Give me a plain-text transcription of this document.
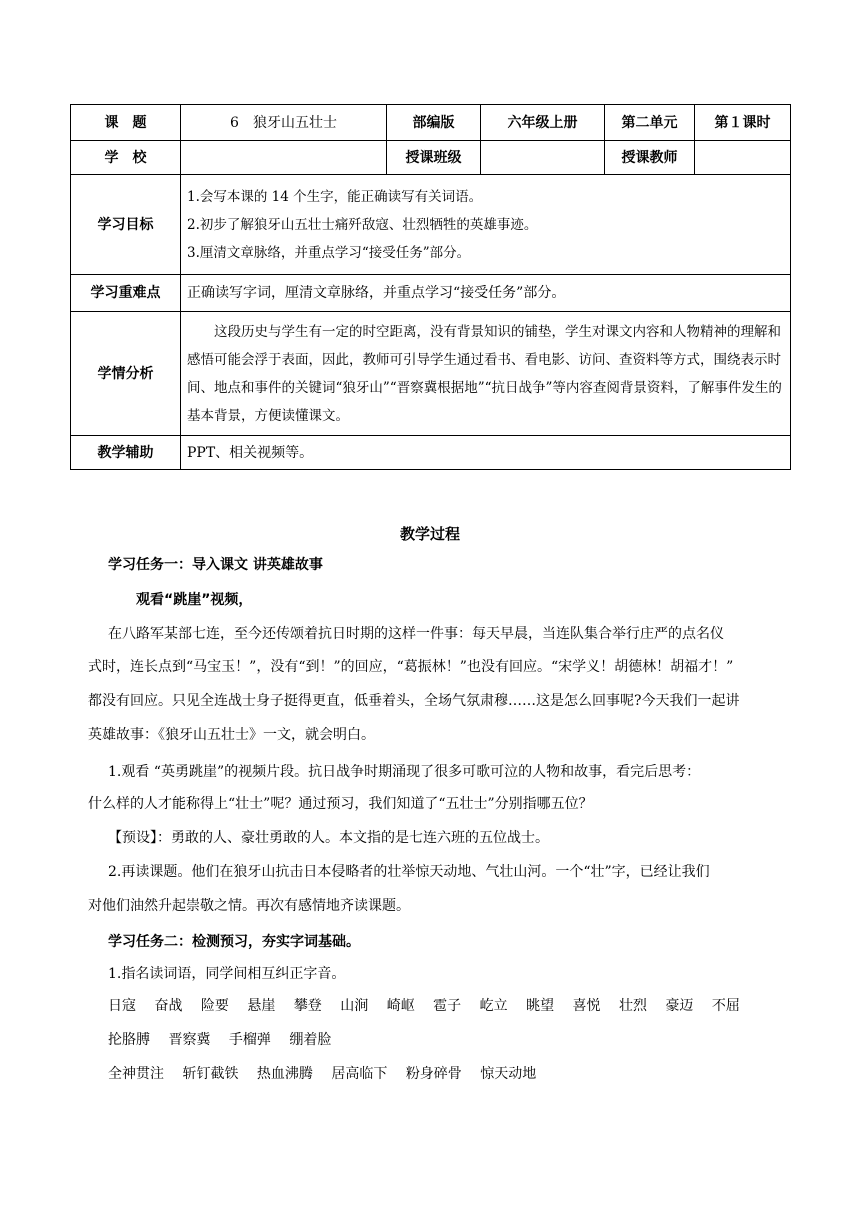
课　题	6　狼牙山五壮士	部编版	六年级上册	第二单元	第１课时
学　校		授课班级		授课教师	
学习目标	1.会写本课的 14 个生字，能正确读写有关词语。

2.初步了解狼牙山五壮士痛歼敌寇、壮烈牺牲的英雄事迹。

3.厘清文章脉络，并重点学习“接受任务”部分。				

学习重难点	正确读写字词，厘清文章脉络，并重点学习“接受任务”部分。				
学情分析	这段历史与学生有一定的时空距离，没有背景知识的铺垫，学生对课文内容和人物精神的理解和感悟可能会浮于表面，因此，教师可引导学生通过看书、看电影、访问、查资料等方式，围绕表示时间、地点和事件的关键词“狼牙山”“晋察冀根据地”“抗日战争”等内容查阅背景资料，了解事件发生的基本背景，方便读懂课文。				

教学辅助	PPT、相关视频等。				
教学过程
学习任务一：导入课文 讲英雄故事
观看“跳崖”视频，
在八路军某部七连，至今还传颂着抗日时期的这样一件事：每天早晨，当连队集合举行庄严的点名仪
式时，连长点到“马宝玉！”，没有“到！”的回应，“葛振林！”也没有回应。“宋学义！胡德林！胡福才！”
都没有回应。只见全连战士身子挺得更直，低垂着头，全场气氛肃穆……这是怎么回事呢?今天我们一起讲
英雄故事：《狼牙山五壮士》一文，就会明白。
1.观看 “英勇跳崖”的视频片段。抗日战争时期涌现了很多可歌可泣的人物和故事，看完后思考：
什么样的人才能称得上“壮士”呢？通过预习，我们知道了“五壮士”分别指哪五位？
【预设】：勇敢的人、豪壮勇敢的人。本文指的是七连六班的五位战士。
2.再读课题。他们在狼牙山抗击日本侵略者的壮举惊天动地、气壮山河。一个“壮”字，已经让我们
对他们油然升起崇敬之情。再次有感情地齐读课题。
学习任务二：检测预习，夯实字词基础。
1.指名读词语，同学间相互纠正字音。
日寇 奋战 险要 悬崖 攀登 山涧 崎岖 雹子 屹立 眺望 喜悦 壮烈 豪迈 不屈
抡胳膊 晋察冀 手榴弹 绷着脸
全神贯注 斩钉截铁 热血沸腾 居高临下 粉身碎骨 惊天动地
